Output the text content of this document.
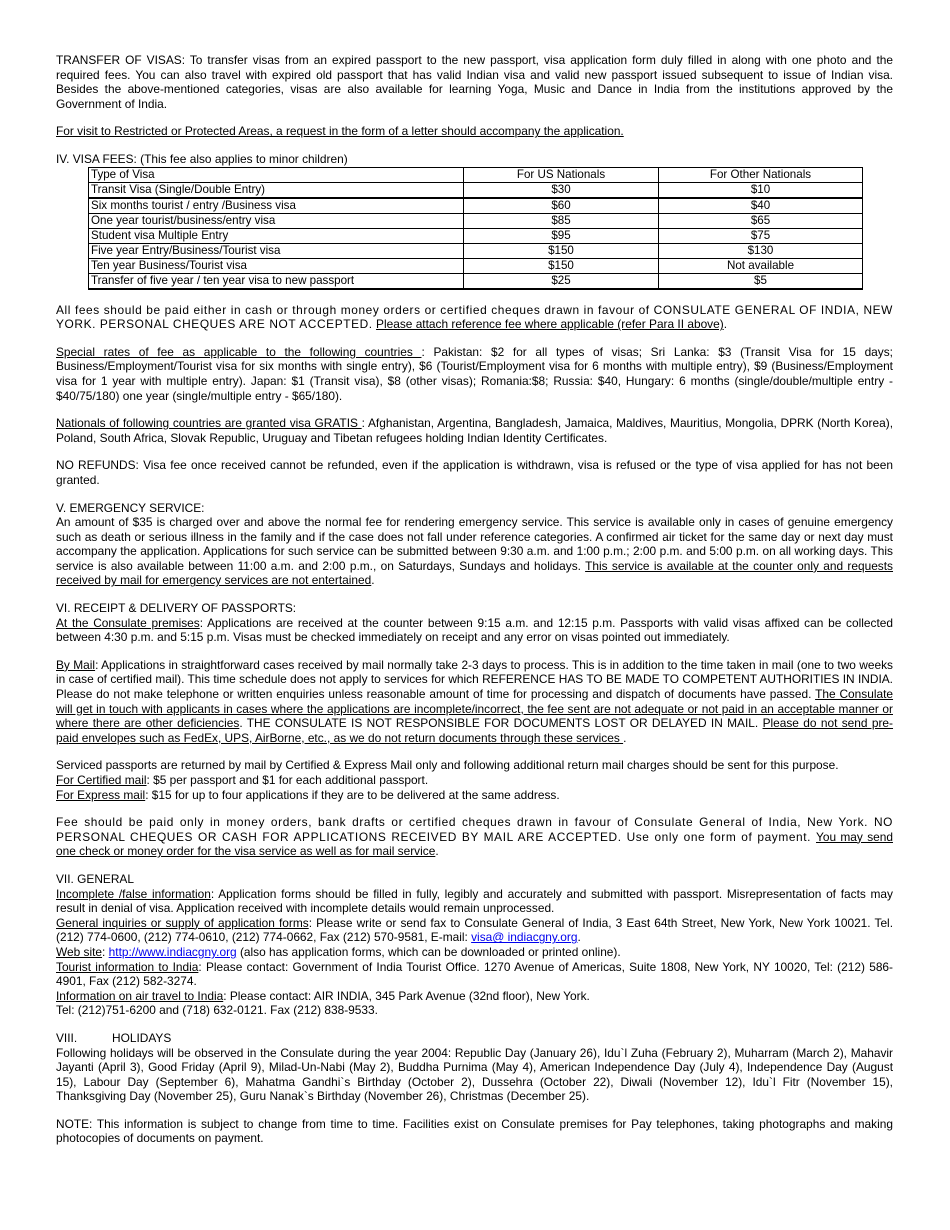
TRANSFER OF VISAS: To transfer visas from an expired passport to the new passport, visa application form duly filled in along with one photo and the required fees. You can also travel with expired old passport that has valid Indian visa and valid new passport issued subsequent to issue of Indian visa. Besides the above-mentioned categories, visas are also available for learning Yoga, Music and Dance in India from the institutions approved by the Government of India.

For visit to Restricted or Protected Areas, a request in the form of a letter should accompany the application.

IV. VISA FEES: (This fee also applies to minor children)

Type of Visa	For US Nationals	For Other Nationals
Transit Visa (Single/Double Entry)	$30	$10
Six months tourist / entry /Business visa	$60	$40
One year tourist/business/entry visa	$85	$65
Student visa Multiple Entry	$95	$75
Five year Entry/Business/Tourist visa	$150	$130
Ten year Business/Tourist visa	$150	Not available
Transfer of five year / ten year visa to new passport	$25	$5

All fees should be paid either in cash or through money orders or certified cheques drawn in favour of CONSULATE GENERAL OF INDIA, NEW YORK. PERSONAL CHEQUES ARE NOT ACCEPTED. Please attach reference fee where applicable (refer Para II above).

Special rates of fee as applicable to the following countries : Pakistan: $2 for all types of visas; Sri Lanka: $3 (Transit Visa for 15 days; Business/Employment/Tourist visa for six months with single entry), $6 (Tourist/Employment visa for 6 months with multiple entry), $9 (Business/Employment visa for 1 year with multiple entry). Japan: $1 (Transit visa), $8 (other visas); Romania:$8; Russia: $40, Hungary: 6 months (single/double/multiple entry - $40/75/180) one year (single/multiple entry - $65/180).

Nationals of following countries are granted visa GRATIS : Afghanistan, Argentina, Bangladesh, Jamaica, Maldives, Mauritius, Mongolia, DPRK (North Korea), Poland, South Africa, Slovak Republic, Uruguay and Tibetan refugees holding Indian Identity Certificates.

NO REFUNDS: Visa fee once received cannot be refunded, even if the application is withdrawn, visa is refused or the type of visa applied for has not been granted.

V. EMERGENCY SERVICE:

An amount of $35 is charged over and above the normal fee for rendering emergency service. This service is available only in cases of genuine emergency such as death or serious illness in the family and if the case does not fall under reference categories. A confirmed air ticket for the same day or next day must accompany the application. Applications for such service can be submitted between 9:30 a.m. and 1:00 p.m.; 2:00 p.m. and 5:00 p.m. on all working days. This service is also available between 11:00 a.m. and 2:00 p.m., on Saturdays, Sundays and holidays. This service is available at the counter only and requests received by mail for emergency services are not entertained.

VI. RECEIPT & DELIVERY OF PASSPORTS:

At the Consulate premises: Applications are received at the counter between 9:15 a.m. and 12:15 p.m. Passports with valid visas affixed can be collected between 4:30 p.m. and 5:15 p.m. Visas must be checked immediately on receipt and any error on visas pointed out immediately.

By Mail: Applications in straightforward cases received by mail normally take 2-3 days to process. This is in addition to the time taken in mail (one to two weeks in case of certified mail). This time schedule does not apply to services for which REFERENCE HAS TO BE MADE TO COMPETENT AUTHORITIES IN INDIA. Please do not make telephone or written enquiries unless reasonable amount of time for processing and dispatch of documents have passed. The Consulate will get in touch with applicants in cases where the applications are incomplete/incorrect, the fee sent are not adequate or not paid in an acceptable manner or where there are other deficiencies. THE CONSULATE IS NOT RESPONSIBLE FOR DOCUMENTS LOST OR DELAYED IN MAIL. Please do not send pre-paid envelopes such as FedEx, UPS, AirBorne, etc., as we do not return documents through these services .

Serviced passports are returned by mail by Certified & Express Mail only and following additional return mail charges should be sent for this purpose.

For Certified mail: $5 per passport and $1 for each additional passport.

For Express mail: $15 for up to four applications if they are to be delivered at the same address.

Fee should be paid only in money orders, bank drafts or certified cheques drawn in favour of Consulate General of India, New York. NO PERSONAL CHEQUES OR CASH FOR APPLICATIONS RECEIVED BY MAIL ARE ACCEPTED. Use only one form of payment. You may send one check or money order for the visa service as well as for mail service.

VII. GENERAL

Incomplete /false information: Application forms should be filled in fully, legibly and accurately and submitted with passport. Misrepresentation of facts may result in denial of visa. Application received with incomplete details would remain unprocessed.

General inquiries or supply of application forms: Please write or send fax to Consulate General of India, 3 East 64th Street, New York, New York 10021. Tel. (212) 774-0600, (212) 774-0610, (212) 774-0662, Fax (212) 570-9581, E-mail: visa@ indiacgny.org.

Web site: http://www.indiacgny.org (also has application forms, which can be downloaded or printed online).

Tourist information to India: Please contact: Government of India Tourist Office. 1270 Avenue of Americas, Suite 1808, New York, NY 10020, Tel: (212) 586-4901, Fax (212) 582-3274.

Information on air travel to India: Please contact: AIR INDIA, 345 Park Avenue (32nd floor), New York.

Tel: (212)751-6200 and (718) 632-0121. Fax (212) 838-9533.

VIII.	HOLIDAYS

Following holidays will be observed in the Consulate during the year 2004: Republic Day (January 26), Idu`l Zuha (February 2), Muharram (March 2), Mahavir Jayanti (April 3), Good Friday (April 9), Milad-Un-Nabi (May 2), Buddha Purnima (May 4), American Independence Day (July 4), Independence Day (August 15), Labour Day (September 6), Mahatma Gandhi`s Birthday (October 2), Dussehra (October 22), Diwali (November 12), Idu`l Fitr (November 15), Thanksgiving Day (November 25), Guru Nanak`s Birthday (November 26), Christmas (December 25).

NOTE: This information is subject to change from time to time. Facilities exist on Consulate premises for Pay telephones, taking photographs and making photocopies of documents on payment.
